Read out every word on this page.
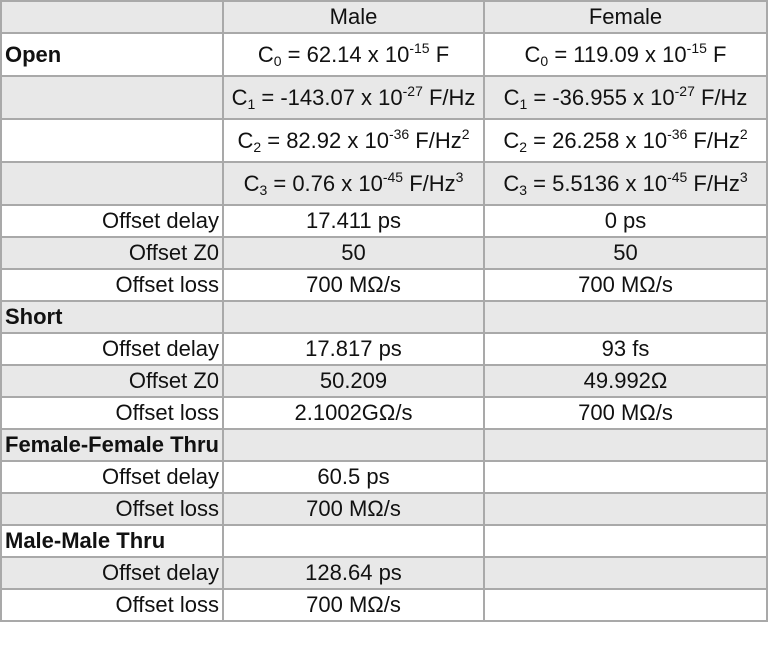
	Male	Female
Open	$C_0 = 62.14$ x $10^{-15}$ F	$C_0 = 119.09$ x $10^{-15}$ F
	$C_1 = -143.07$ x $10^{-27}$ F/Hz	$C_1 = -36.955$ x $10^{-27}$ F/Hz
	$C_2 = 82.92$ x $10^{-36}$ F/Hz$^2$	$C_2 = 26.258$ x $10^{-36}$ F/Hz$^2$
	$C_3 = 0.76$ x $10^{-45}$ F/Hz$^3$	$C_3 = 5.5136$ x $10^{-45}$ F/Hz$^3$
Offset delay	17.411 ps	0 ps
Offset Z0	50	50
Offset loss	700 MΩ/s	700 MΩ/s
Short		
Offset delay	17.817 ps	93 fs
Offset Z0	50.209	49.992Ω
Offset loss	2.1002GΩ/s	700 MΩ/s
Female-Female Thru		
Offset delay	60.5 ps	
Offset loss	700 MΩ/s	
Male-Male Thru		
Offset delay	128.64 ps	
Offset loss	700 MΩ/s	
